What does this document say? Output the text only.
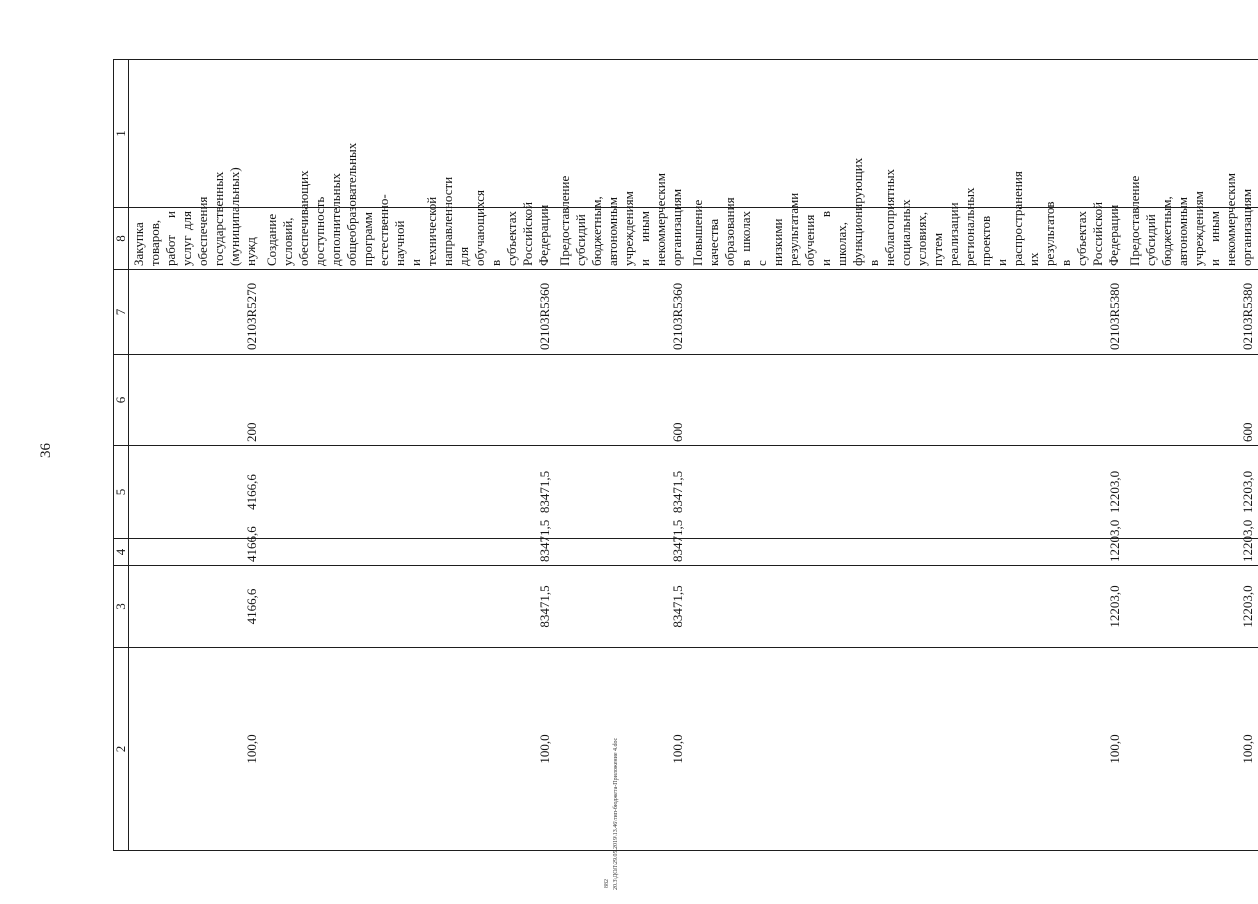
36
2	3	4	5	6	7	8	1
100,0	4166,6	4166,6	4166,6	200	02103R5270	Закупка товаров, работ и услуг для обеспечения государственных (муниципальных) нужд	
100,0	83471,5	83471,5	83471,5		02103R5360	Создание условий, обеспечивающих доступность дополнительных общеобразовательных программ естественно-научной и технической направленности для обучающихся в субъектах Российской Федерации	
100,0	83471,5	83471,5	83471,5	600	02103R5360	Предоставление субсидий бюджетным, автономным учреждениям и иным некоммерческим организациям	
100,0	12203,0	12203,0	12203,0		02103R5380	Повышение качества образования в школах с низкими результатами обучения и в школах, функционирующих в неблагоприятных социальных условиях, путем реализации региональных проектов и распространения их результатов в субъектах Российской Федерации	
100,0	12203,0	12203,0	12203,0	600	02103R5380	Предоставление субсидий бюджетным, автономным учреждениям и иным некоммерческим организациям	
20.3\ДОЛ\29.05.2019\13.46\тип-бюджета-Приложение 4.doc
882
